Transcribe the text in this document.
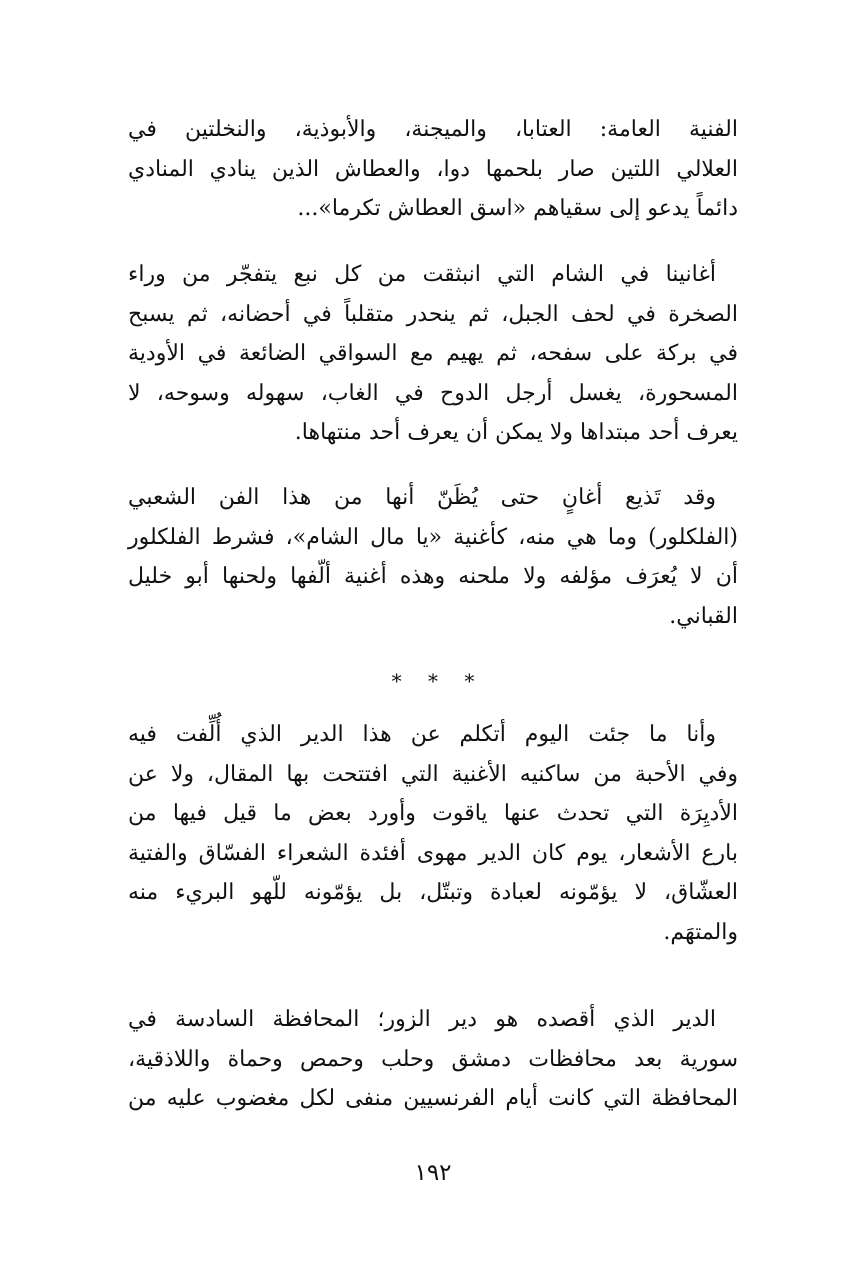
الفنية العامة: العتابا، والميجنة، والأبوذية، والنخلتين في
العلالي اللتين صار بلحمها دوا، والعطاش الذين ينادي المنادي
دائماً يدعو إلى سقياهم «اسق العطاش تكرما»...
أغانينا في الشام التي انبثقت من كل نبع يتفجّر من وراء
الصخرة في لحف الجبل، ثم ينحدر متقلباً في أحضانه، ثم يسبح
في بركة على سفحه، ثم يهيم مع السواقي الضائعة في الأودية
المسحورة، يغسل أرجل الدوح في الغاب، سهوله وسوحه، لا
يعرف أحد مبتداها ولا يمكن أن يعرف أحد منتهاها.
وقد تَذيع أغانٍ حتى يُظَنّ أنها من هذا الفن الشعبي
(الفلكلور) وما هي منه، كأغنية «يا مال الشام»، فشرط الفلكلور
أن لا يُعرَف مؤلفه ولا ملحنه وهذه أغنية ألّفها ولحنها أبو خليل
القباني.
* * *
وأنا ما جئت اليوم أتكلم عن هذا الدير الذي أُلِّفت فيه
وفي الأحبة من ساكنيه الأغنية التي افتتحت بها المقال، ولا عن
الأديِرَة التي تحدث عنها ياقوت وأورد بعض ما قيل فيها من
بارع الأشعار، يوم كان الدير مهوى أفئدة الشعراء الفسّاق والفتية
العشّاق، لا يؤمّونه لعبادة وتبتّل، بل يؤمّونه للّهو البريء منه
والمتهَم.
الدير الذي أقصده هو دير الزور؛ المحافظة السادسة في
سورية بعد محافظات دمشق وحلب وحمص وحماة واللاذقية،
المحافظة التي كانت أيام الفرنسيين منفى لكل مغضوب عليه من
١٩٢
